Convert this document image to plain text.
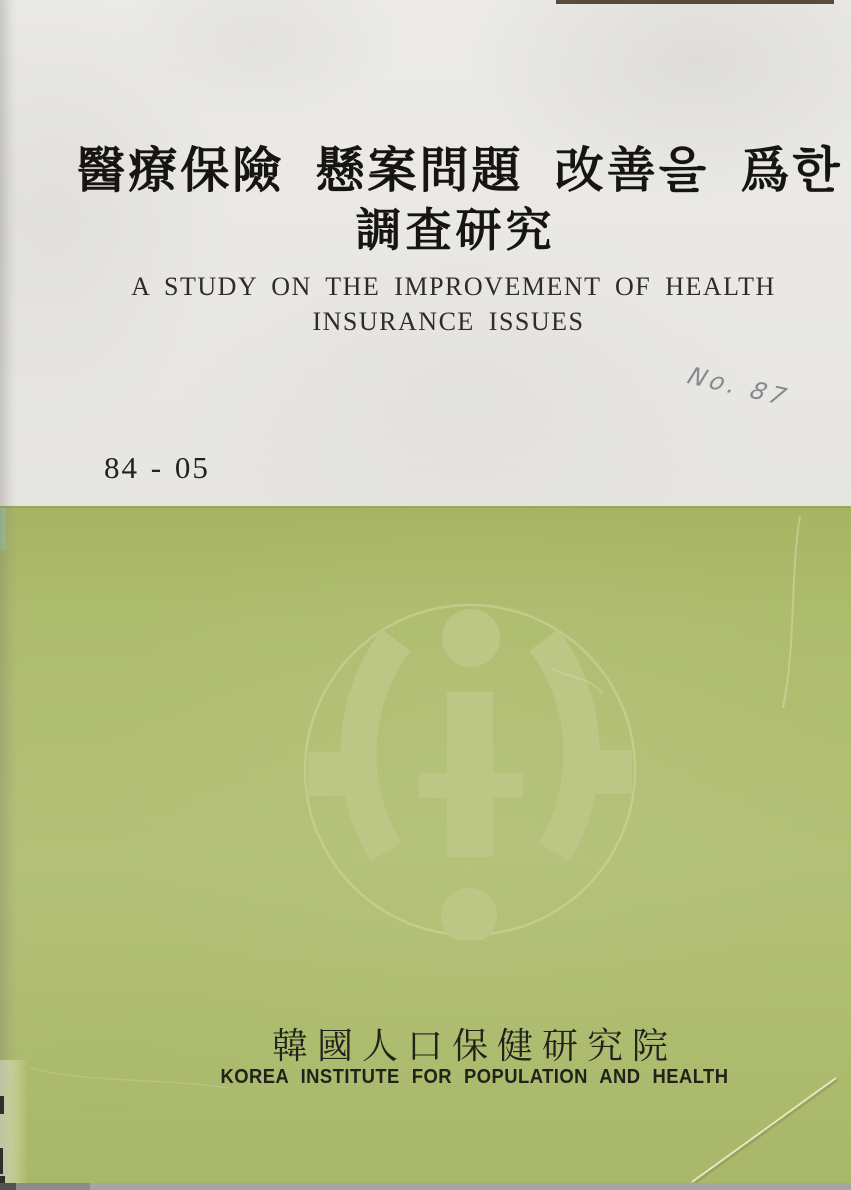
醫療保險 懸案問題 改善을 爲한
調査研究
A STUDY ON THE IMPROVEMENT OF HEALTH
INSURANCE ISSUES
No. 87
84 - 05
韓國人口保健研究院
KOREA INSTITUTE FOR POPULATION AND HEALTH
